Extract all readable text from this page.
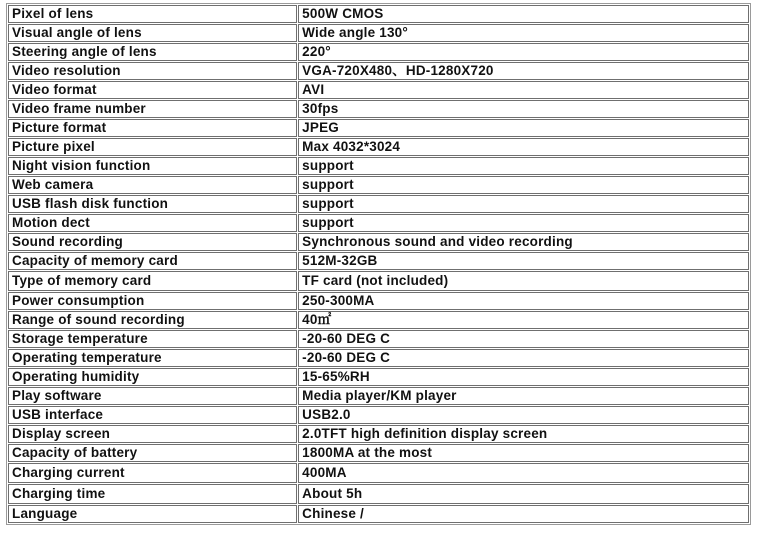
Pixel of lens	500W CMOS
Visual angle of lens	Wide angle 130°
Steering angle of lens	220°
Video resolution	VGA-720X480、HD-1280X720
Video format	AVI
Video frame number	30fps
Picture format	JPEG
Picture pixel	Max 4032*3024
Night vision function	support
Web camera	support
USB flash disk function	support
Motion dect	support
Sound recording	Synchronous sound and video recording
Capacity of memory card	512M-32GB
Type of memory card	TF card (not included)
Power consumption	250-300MA
Range of sound recording	40㎡
Storage temperature	-20-60 DEG C
Operating temperature	-20-60 DEG C
Operating humidity	15-65%RH
Play software	Media player/KM player
USB interface	USB2.0
Display screen	2.0TFT high definition display screen
Capacity of battery	1800MA at the most
Charging current	400MA
Charging time	About 5h
Language	Chinese /
